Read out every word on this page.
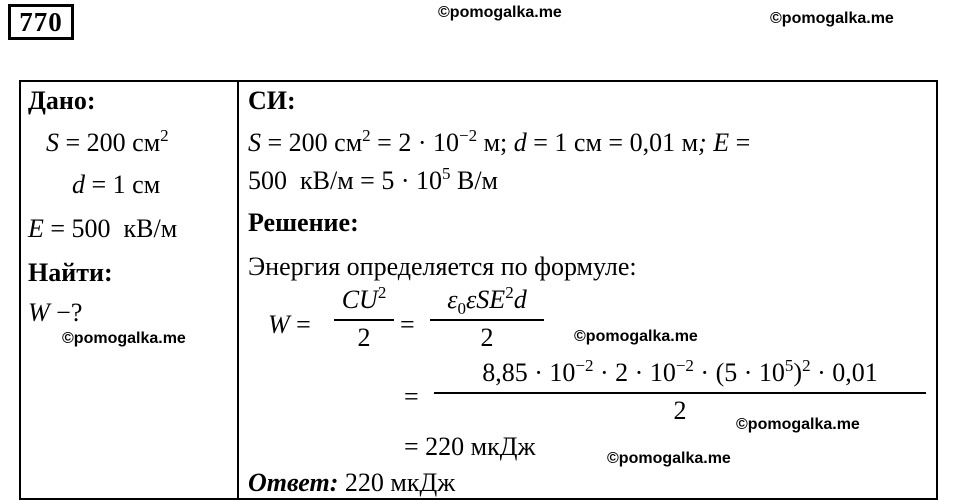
770	©pomogalka.me	©pomogalka.me
©pomogalka.me	©pomogalka.me
©pomogalka.me
©pomogalka.me
Дано:
S = 200 $см^2$
d = 1 см
E = 500  кВ/м
Найти:
W −?
СИ:
S = 200 $см^2 = 2 \cdot 10^{-2}$ м; d = 1 см = 0,01 м; E =
500  $кВ/м = 5 \cdot 10^5$ В/м
Решение:
Энергия определяется по формуле:
W =
$CU^2$
2	=
$\varepsilon_0\varepsilon SE^2d$
2
=
$8,85 \cdot 10^{-2} \cdot 2 \cdot 10^{-2} \cdot (5 \cdot 10^5)^2 \cdot 0,01$
2
= 220 мкДж
Ответ: 220 мкДж
